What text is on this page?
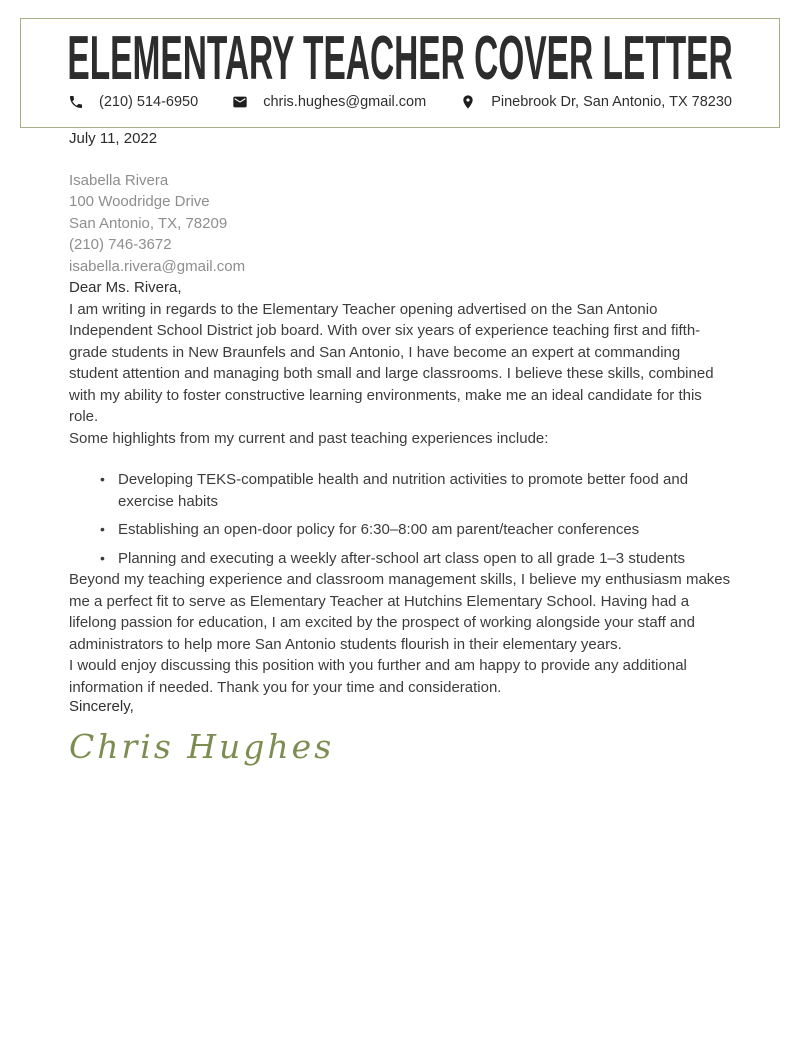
ELEMENTARY TEACHER COVER LETTER
(210) 514-6950	chris.hughes@gmail.com	Pinebrook Dr, San Antonio, TX 78230

July 11, 2022

Isabella Rivera
100 Woodridge Drive
San Antonio, TX, 78209
(210) 746-3672
isabella.rivera@gmail.com

Dear Ms. Rivera,

I am writing in regards to the Elementary Teacher opening advertised on the San Antonio Independent School District job board. With over six years of experience teaching first and fifth-grade students in New Braunfels and San Antonio, I have become an expert at commanding student attention and managing both small and large classrooms. I believe these skills, combined with my ability to foster constructive learning environments, make me an ideal candidate for this role.

Some highlights from my current and past teaching experiences include:

• Developing TEKS-compatible health and nutrition activities to promote better food and exercise habits
• Establishing an open-door policy for 6:30–8:00 am parent/teacher conferences
• Planning and executing a weekly after-school art class open to all grade 1–3 students

Beyond my teaching experience and classroom management skills, I believe my enthusiasm makes me a perfect fit to serve as Elementary Teacher at Hutchins Elementary School. Having had a lifelong passion for education, I am excited by the prospect of working alongside your staff and administrators to help more San Antonio students flourish in their elementary years.

I would enjoy discussing this position with you further and am happy to provide any additional information if needed. Thank you for your time and consideration.

Sincerely,

Chris Hughes
